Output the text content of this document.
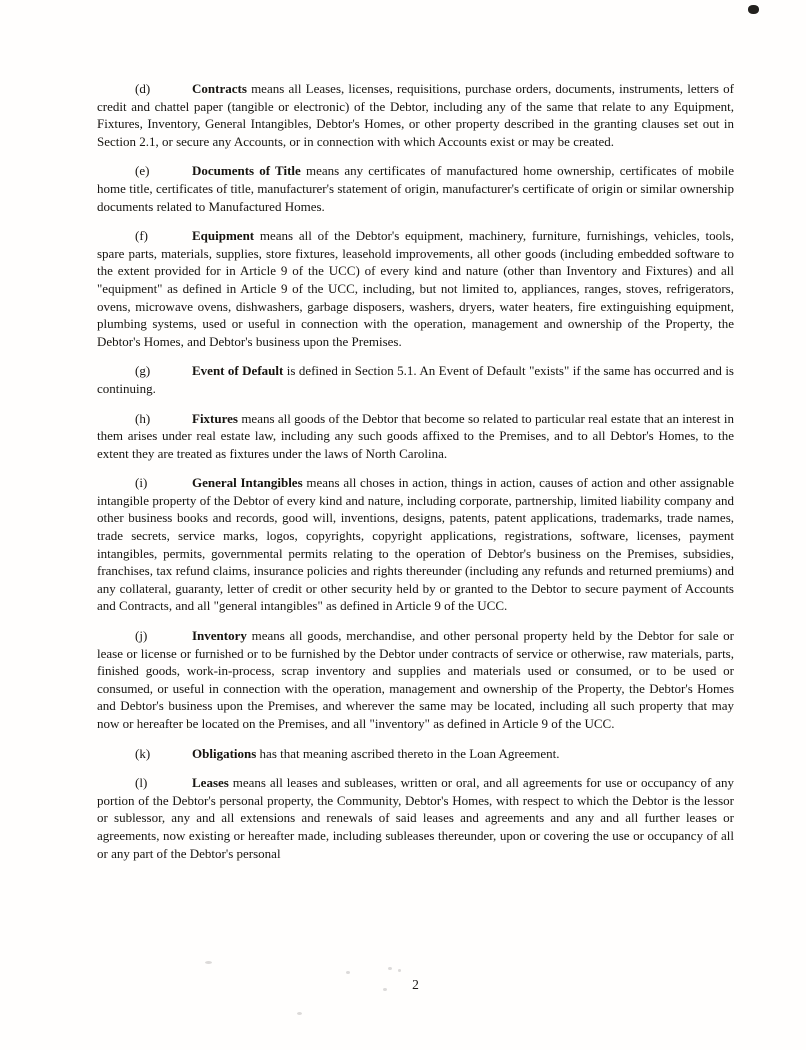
(d)	Contracts means all Leases, licenses, requisitions, purchase orders, documents, instruments, letters of credit and chattel paper (tangible or electronic) of the Debtor, including any of the same that relate to any Equipment, Fixtures, Inventory, General Intangibles, Debtor's Homes, or other property described in the granting clauses set out in Section 2.1, or secure any Accounts, or in connection with which Accounts exist or may be created.

(e)	Documents of Title means any certificates of manufactured home ownership, certificates of mobile home title, certificates of title, manufacturer's statement of origin, manufacturer's certificate of origin or similar ownership documents related to Manufactured Homes.

(f)	Equipment means all of the Debtor's equipment, machinery, furniture, furnishings, vehicles, tools, spare parts, materials, supplies, store fixtures, leasehold improvements, all other goods (including embedded software to the extent provided for in Article 9 of the UCC) of every kind and nature (other than Inventory and Fixtures) and all "equipment" as defined in Article 9 of the UCC, including, but not limited to, appliances, ranges, stoves, refrigerators, ovens, microwave ovens, dishwashers, garbage disposers, washers, dryers, water heaters, fire extinguishing equipment, plumbing systems, used or useful in connection with the operation, management and ownership of the Property, the Debtor's Homes, and Debtor's business upon the Premises.

(g)	Event of Default is defined in Section 5.1. An Event of Default "exists" if the same has occurred and is continuing.

(h)	Fixtures means all goods of the Debtor that become so related to particular real estate that an interest in them arises under real estate law, including any such goods affixed to the Premises, and to all Debtor's Homes, to the extent they are treated as fixtures under the laws of North Carolina.

(i)	General Intangibles means all choses in action, things in action, causes of action and other assignable intangible property of the Debtor of every kind and nature, including corporate, partnership, limited liability company and other business books and records, good will, inventions, designs, patents, patent applications, trademarks, trade names, trade secrets, service marks, logos, copyrights, copyright applications, registrations, software, licenses, payment intangibles, permits, governmental permits relating to the operation of Debtor's business on the Premises, subsidies, franchises, tax refund claims, insurance policies and rights thereunder (including any refunds and returned premiums) and any collateral, guaranty, letter of credit or other security held by or granted to the Debtor to secure payment of Accounts and Contracts, and all "general intangibles" as defined in Article 9 of the UCC.

(j)	Inventory means all goods, merchandise, and other personal property held by the Debtor for sale or lease or license or furnished or to be furnished by the Debtor under contracts of service or otherwise, raw materials, parts, finished goods, work-in-process, scrap inventory and supplies and materials used or consumed, or to be used or consumed, or useful in connection with the operation, management and ownership of the Property, the Debtor's Homes and Debtor's business upon the Premises, and wherever the same may be located, including all such property that may now or hereafter be located on the Premises, and all "inventory" as defined in Article 9 of the UCC.

(k)	Obligations has that meaning ascribed thereto in the Loan Agreement.

(l)	Leases means all leases and subleases, written or oral, and all agreements for use or occupancy of any portion of the Debtor's personal property, the Community, Debtor's Homes, with respect to which the Debtor is the lessor or sublessor, any and all extensions and renewals of said leases and agreements and any and all further leases or agreements, now existing or hereafter made, including subleases thereunder, upon or covering the use or occupancy of all or any part of the Debtor's personal

2
